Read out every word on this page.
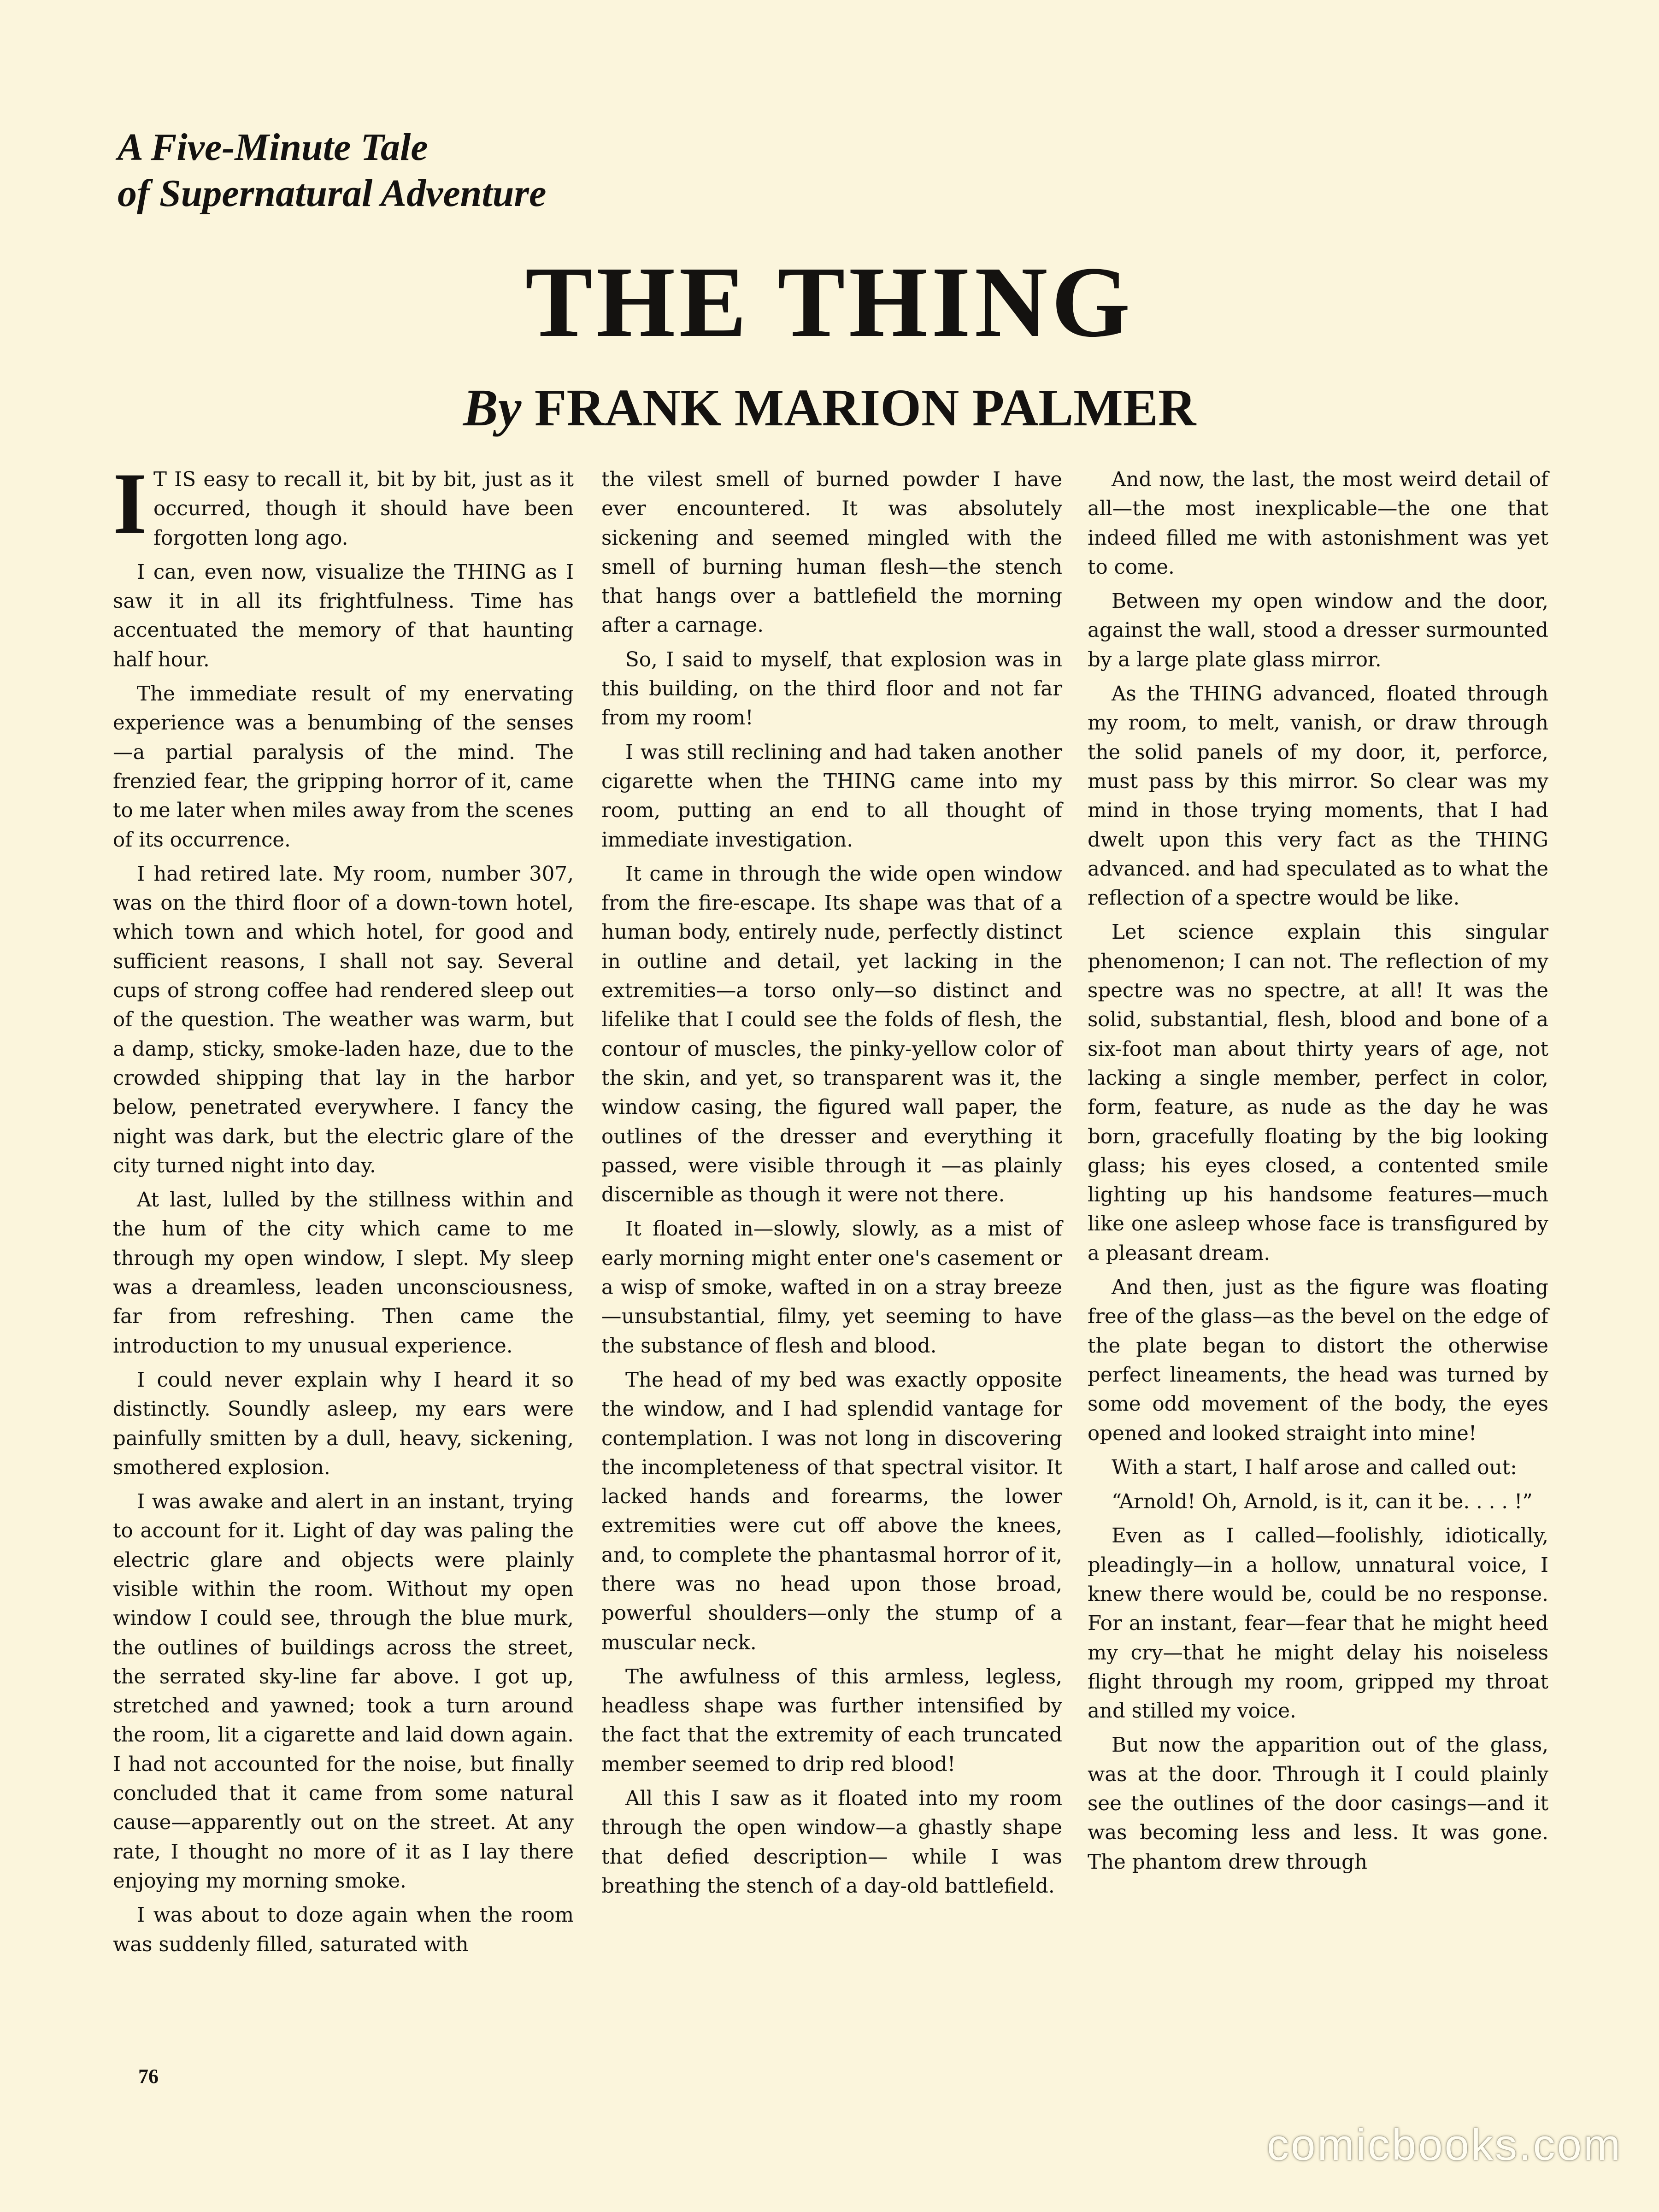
A Five-Minute Tale
of Supernatural Adventure
THE THING
By FRANK MARION PALMER

I T IS easy to recall it, bit by bit, just as it occurred, though it should have been forgotten long ago.

I can, even now, visualize the THING as I saw it in all its frightfulness. Time has accentuated the memory of that haunting half hour.

The immediate result of my enervating experience was a benumbing of the senses —a partial paralysis of the mind. The frenzied fear, the gripping horror of it, came to me later when miles away from the scenes of its occurrence.

I had retired late. My room, number 307, was on the third floor of a down-town hotel, which town and which hotel, for good and sufficient reasons, I shall not say. Several cups of strong coffee had rendered sleep out of the question. The weather was warm, but a damp, sticky, smoke-laden haze, due to the crowded shipping that lay in the harbor below, penetrated everywhere. I fancy the night was dark, but the electric glare of the city turned night into day.

At last, lulled by the stillness within and the hum of the city which came to me through my open window, I slept. My sleep was a dreamless, leaden unconsciousness, far from refreshing. Then came the introduction to my unusual experience.

I could never explain why I heard it so distinctly. Soundly asleep, my ears were painfully smitten by a dull, heavy, sickening, smothered explosion.

I was awake and alert in an instant, trying to account for it. Light of day was paling the electric glare and objects were plainly visible within the room. Without my open window I could see, through the blue murk, the outlines of buildings across the street, the serrated sky-line far above. I got up, stretched and yawned; took a turn around the room, lit a cigarette and laid down again. I had not accounted for the noise, but finally concluded that it came from some natural cause—apparently out on the street. At any rate, I thought no more of it as I lay there enjoying my morning smoke.

I was about to doze again when the room was suddenly filled, saturated with

the vilest smell of burned powder I have ever encountered. It was absolutely sickening and seemed mingled with the smell of burning human flesh—the stench that hangs over a battlefield the morning after a carnage.

So, I said to myself, that explosion was in this building, on the third floor and not far from my room!

I was still reclining and had taken another cigarette when the THING came into my room, putting an end to all thought of immediate investigation.

It came in through the wide open window from the fire-escape. Its shape was that of a human body, entirely nude, perfectly distinct in outline and detail, yet lacking in the extremities—a torso only—so distinct and lifelike that I could see the folds of flesh, the contour of muscles, the pinky-yellow color of the skin, and yet, so transparent was it, the window casing, the figured wall paper, the outlines of the dresser and everything it passed, were visible through it —as plainly discernible as though it were not there.

It floated in—slowly, slowly, as a mist of early morning might enter one's casement or a wisp of smoke, wafted in on a stray breeze—unsubstantial, filmy, yet seeming to have the substance of flesh and blood.

The head of my bed was exactly opposite the window, and I had splendid vantage for contemplation. I was not long in discovering the incompleteness of that spectral visitor. It lacked hands and forearms, the lower extremities were cut off above the knees, and, to complete the phantasmal horror of it, there was no head upon those broad, powerful shoulders—only the stump of a muscular neck.

The awfulness of this armless, legless, headless shape was further intensified by the fact that the extremity of each truncated member seemed to drip red blood!

All this I saw as it floated into my room through the open window—a ghastly shape that defied description— while I was breathing the stench of a day-old battlefield.

And now, the last, the most weird detail of all—the most inexplicable—the one that indeed filled me with astonishment was yet to come.

Between my open window and the door, against the wall, stood a dresser surmounted by a large plate glass mirror.

As the THING advanced, floated through my room, to melt, vanish, or draw through the solid panels of my door, it, perforce, must pass by this mirror. So clear was my mind in those trying moments, that I had dwelt upon this very fact as the THING advanced. and had speculated as to what the reflection of a spectre would be like.

Let science explain this singular phenomenon; I can not. The reflection of my spectre was no spectre, at all! It was the solid, substantial, flesh, blood and bone of a six-foot man about thirty years of age, not lacking a single member, perfect in color, form, feature, as nude as the day he was born, gracefully floating by the big looking glass; his eyes closed, a contented smile lighting up his handsome features—much like one asleep whose face is transfigured by a pleasant dream.

And then, just as the figure was floating free of the glass—as the bevel on the edge of the plate began to distort the otherwise perfect lineaments, the head was turned by some odd movement of the body, the eyes opened and looked straight into mine!

With a start, I half arose and called out:

“Arnold! Oh, Arnold, is it, can it be. . . . !”

Even as I called—foolishly, idiotically, pleadingly—in a hollow, unnatural voice, I knew there would be, could be no response. For an instant, fear—fear that he might heed my cry—that he might delay his noiseless flight through my room, gripped my throat and stilled my voice.

But now the apparition out of the glass, was at the door. Through it I could plainly see the outlines of the door casings—and it was becoming less and less. It was gone. The phantom drew through

76
comicbooks.com
